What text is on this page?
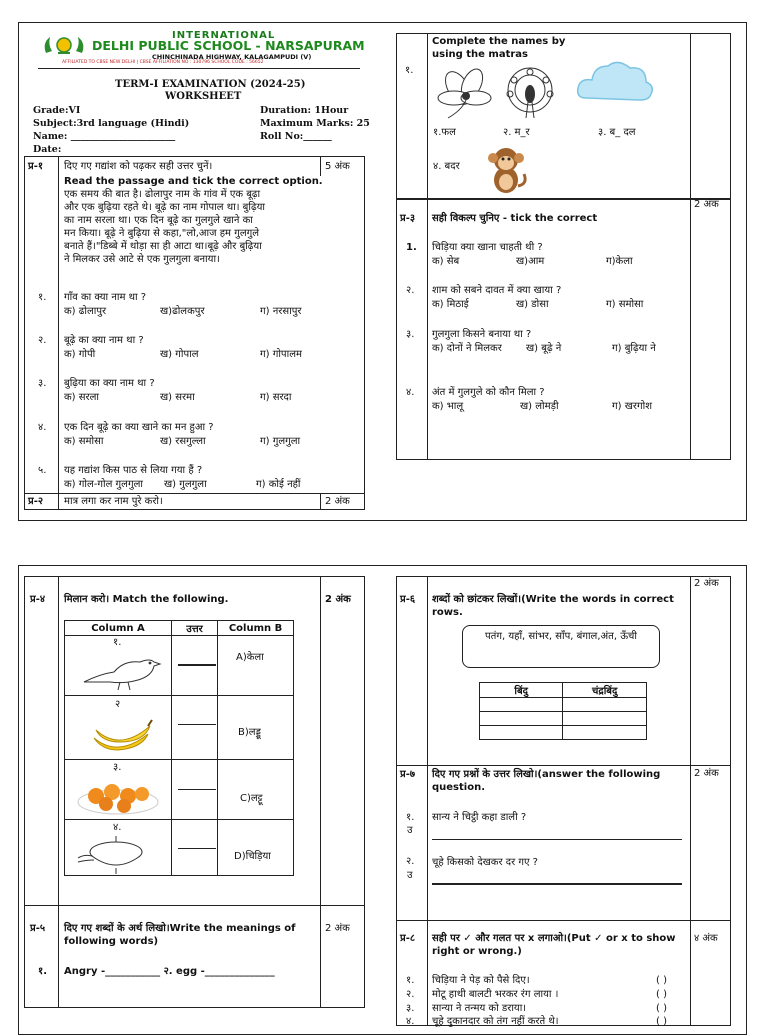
INTERNATIONAL
DELHI PUBLIC SCHOOL - NARSAPURAM
CHINCHINADA HIGHWAY, KALAGAMPUDI (V)
AFFILIATED TO CBSE NEW DELHI | CBSE AFFILIATION NO : 130796 SCHOOL CODE : 56652
TERM-I EXAMINATION (2024-25)
WORKSHEET
Grade:VI	Duration: 1Hour
Subject:3rd language (Hindi)	Maximum Marks: 25
Name: ______________________	Roll No:______
Date:
प्र-१ दिए गए गद्यांश को पढ़कर सही उत्तर चुनें।	5 अंक
Read the passage and tick the correct option.
एक समय की बात है। ढोलापुर नाम के गांव में एक बूढ़ा
और एक बुढ़िया रहते थे। बूढ़े का नाम गोपाल था। बुढ़िया
का नाम सरला था। एक दिन बूढ़े का गुलगुले खाने का
मन किया। बूढ़े ने बुढ़िया से कहा,"लो,आज हम गुलगुले
बनाते हैं।"डिब्बे में थोड़ा सा ही आटा था।बूढ़े और बुढ़िया
ने मिलकर उसे आटे से एक गुलगुला बनाया।
१. गाँव का क्या नाम था ?
क) ढोलापुर	ख)ढोलकपुर	ग) नरसापुर
२. बूढ़े का क्या नाम था ?
क) गोपी	ख) गोपाल	ग) गोपालम
३. बुढ़िया का क्या नाम था ?
क) सरला	ख) सरमा	ग) सरदा
४. एक दिन बूढ़े का क्या खाने का मन हुआ ?
क) समोसा	ख) रसगुल्ला	ग) गुलगुला
५. यह गद्यांश किस पाठ से लिया गया हैं ?
क) गोल-गोल गुलगुला ख) गुलगुला	ग) कोई नहीं
प्र-२ मात्र लगा कर नाम पुरे करो।	2 अंक
१.
Complete the names by using the matras
१.फल	२. म_र	३. ब_ दल
४. बदर
2 अंक
प्र-३ सही विकल्प चुनिए - tick the correct
1. चिड़िया क्या खाना चाहती थी ?
क) सेब	ख)आम	ग)केला
२. शाम को सबने दावत में क्या खाया ?
क) मिठाई	ख) डोसा	ग) समोसा
३. गुलगुला किसने बनाया था ?
क) दोनों ने मिलकर ख) बूढ़े ने	ग) बुढ़िया ने
४. अंत में गुलगुले को कौन मिला ?
क) भालू	ख) लोमड़ी	ग) खरगोश
प्र-४ मिलान करो। Match the following.	2 अंक
Column A	उत्तर	Column B

१.
A)केला
२
B)लड्डू
३.
C)लट्टू
४.
D)चिड़िया
प्र-५ दिए गए शब्दों के अर्थ लिखो।Write the meanings of following words)
2 अंक
१. Angry -___________ २. egg -______________
2 अंक
प्र-६ शब्दों को छांटकर लिखों।(Write the words in correct rows.
पतंग, यहाँ, सांभर, साँप, बंगाल,अंत, ऊँची
बिंदु	चंद्रबिंदु

प्र-७ दिए गए प्रश्नों के उत्तर लिखो।(answer the following question.
2 अंक
१.
उ
सान्य ने चिट्ठी कहा डाली ?
२.
उ
चूहे किसको देखकर दर गए ?
प्र-८ सही पर ✓ और गलत पर x लगाओ।(Put ✓ or x to show right or wrong.)
४ अंक
१. चिड़िया ने पेड़ को पैसे दिए।	( )
२. मोटू हाथी बालटी भरकर रंग लाया ।	( )
३. सान्या ने तन्मय को डराया।	( )
४. चूहे दुकानदार को तंग नहीं करते थे।	( )
